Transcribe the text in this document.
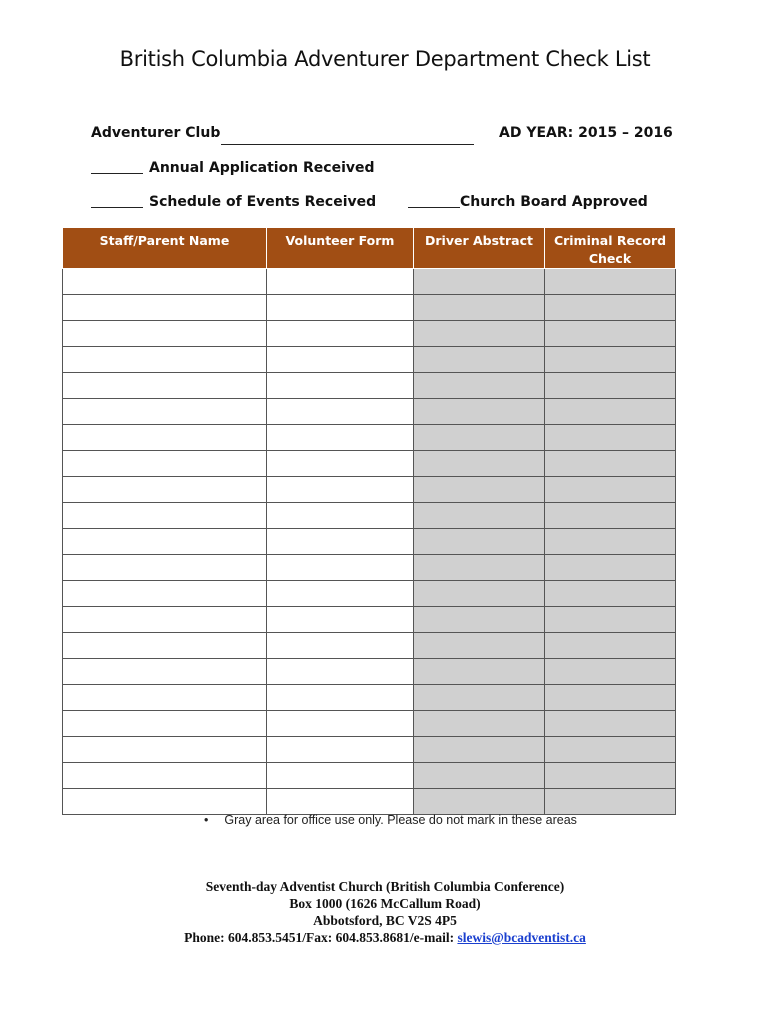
British Columbia Adventurer Department Check List
Adventurer Club	AD YEAR: 2015 – 2016
Annual Application Received
Schedule of Events Received	Church Board Approved
Staff/Parent Name	Volunteer Form	Driver Abstract	Criminal Record Check

• Gray area for office use only. Please do not mark in these areas
Seventh-day Adventist Church (British Columbia Conference)
Box 1000 (1626 McCallum Road)
Abbotsford, BC V2S 4P5
Phone: 604.853.5451/Fax: 604.853.8681/e-mail: slewis@bcadventist.ca
